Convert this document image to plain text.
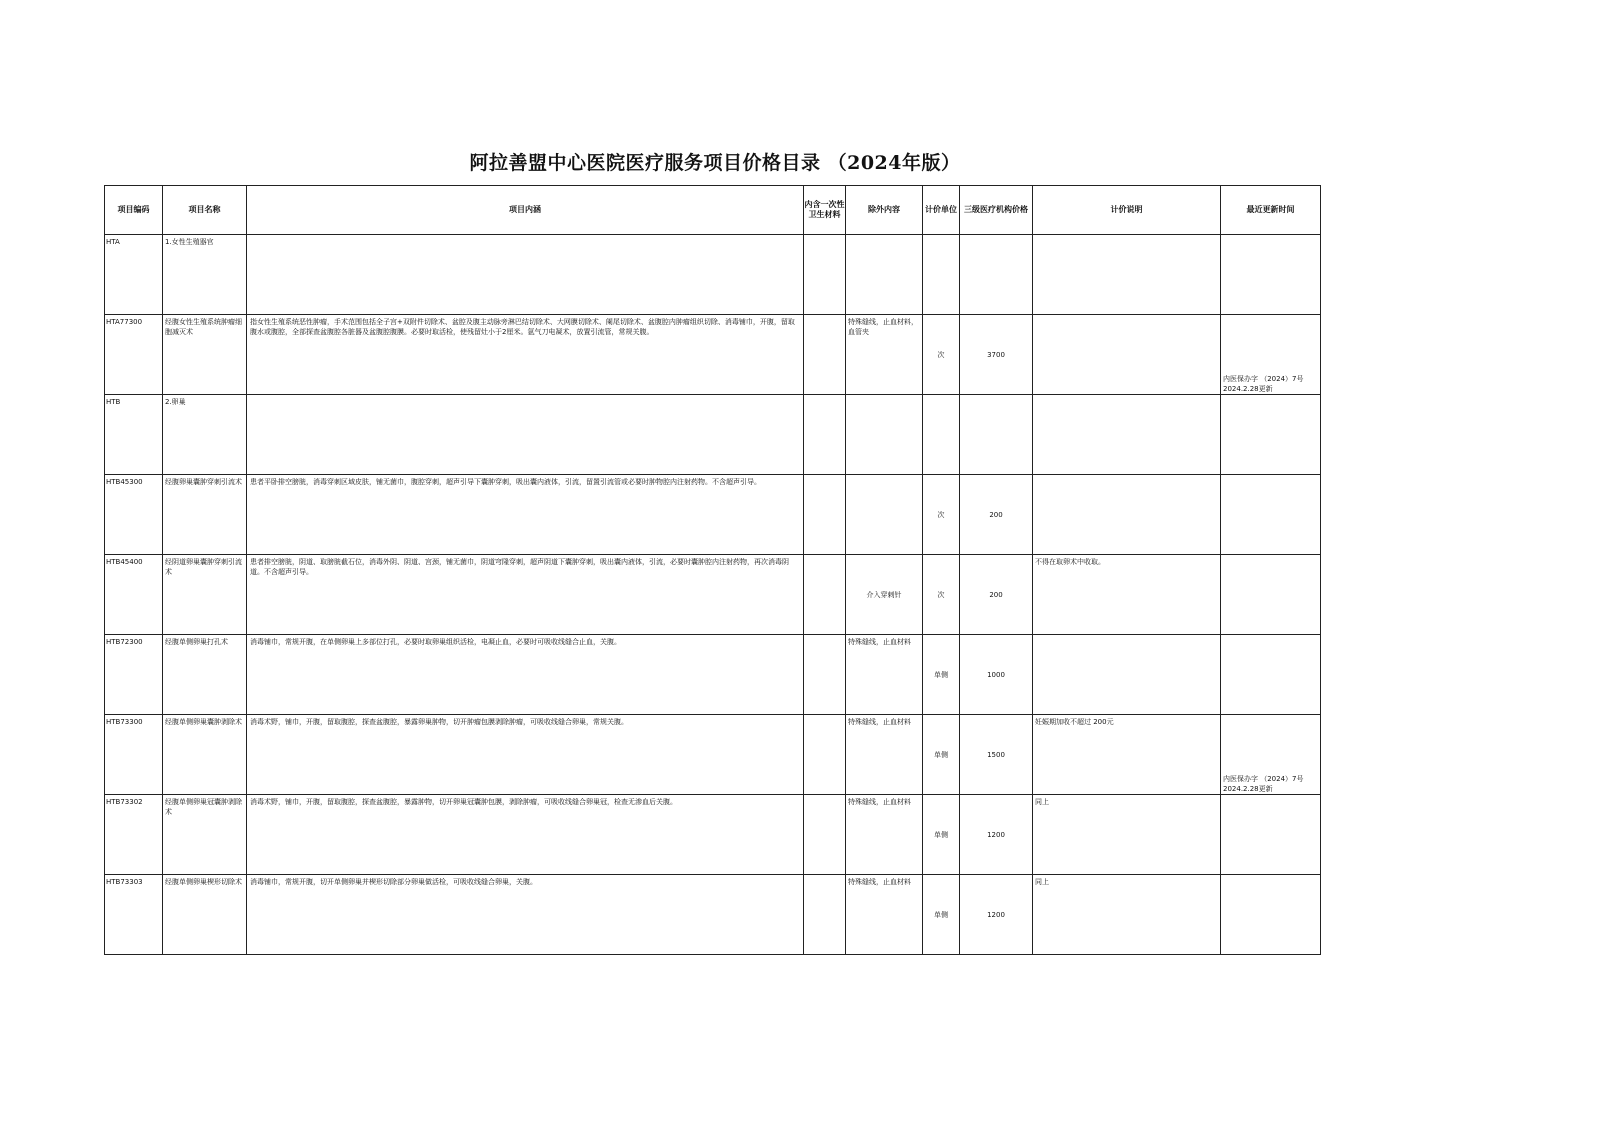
阿拉善盟中心医院医疗服务项目价格目录 （2024年版）
项目编码	项目名称	项目内涵	内含一次性卫生材料	除外内容	计价单位	三级医疗机构价格	计价说明	最近更新时间
HTA	1.女性生殖器官							
HTA77300	经腹女性生殖系统肿瘤细胞减灭术	指女性生殖系统恶性肿瘤，手术范围包括全子宫+双附件切除术、盆腔及腹主动脉旁淋巴结切除术、大网膜切除术、阑尾切除术、盆腹腔内肿瘤组织切除、消毒铺巾，开腹，留取腹水或腹腔，全部探查盆腹腔各脏器及盆腹腔腹膜。必要时取活检，使残留灶小于2厘米。氩气刀电凝术，放置引流管，常规关腹。		特殊缝线，止血材料，血管夹	次	3700		内医保办字 （2024）7号 2024.2.28更新
HTB	2.卵巢							
HTB45300	经腹卵巢囊肿穿刺引流术	患者平卧排空膀胱，消毒穿刺区域皮肤，铺无菌巾，腹腔穿刺，超声引导下囊肿穿刺，吸出囊内液体，引流，留置引流管或必要时肿物腔内注射药物。不含超声引导。			次	200		
HTB45400	经阴道卵巢囊肿穿刺引流术	患者排空膀胱，阴道、取膀胱截石位，消毒外阴、阴道、宫颈，铺无菌巾，阴道穹隆穿刺，超声阴道下囊肿穿刺，吸出囊内液体，引流，必要时囊肿腔内注射药物，再次消毒阴道。不含超声引导。		介入穿刺针	次	200	不得在取卵术中收取。	
HTB72300	经腹单侧卵巢打孔术	消毒铺巾，常规开腹，在单侧卵巢上多部位打孔，必要时取卵巢组织活检，电凝止血，必要时可吸收线缝合止血，关腹。		特殊缝线，止血材料	单侧	1000		
HTB73300	经腹单侧卵巢囊肿剥除术	消毒术野，铺巾，开腹，留取腹腔，探查盆腹腔，暴露卵巢肿物，切开肿瘤包膜剥除肿瘤，可吸收线缝合卵巢，常规关腹。		特殊缝线，止血材料	单侧	1500	妊娠期加收不超过 200元	内医保办字 （2024）7号 2024.2.28更新
HTB73302	经腹单侧卵巢冠囊肿剥除术	消毒术野，铺巾，开腹，留取腹腔，探查盆腹腔，暴露肿物，切开卵巢冠囊肿包膜，剥除肿瘤，可吸收线缝合卵巢冠，检查无渗血后关腹。		特殊缝线，止血材料	单侧	1200	同上	
HTB73303	经腹单侧卵巢楔形切除术	消毒铺巾，常规开腹，切开单侧卵巢并楔形切除部分卵巢做活检，可吸收线缝合卵巢，关腹。		特殊缝线，止血材料	单侧	1200	同上	
